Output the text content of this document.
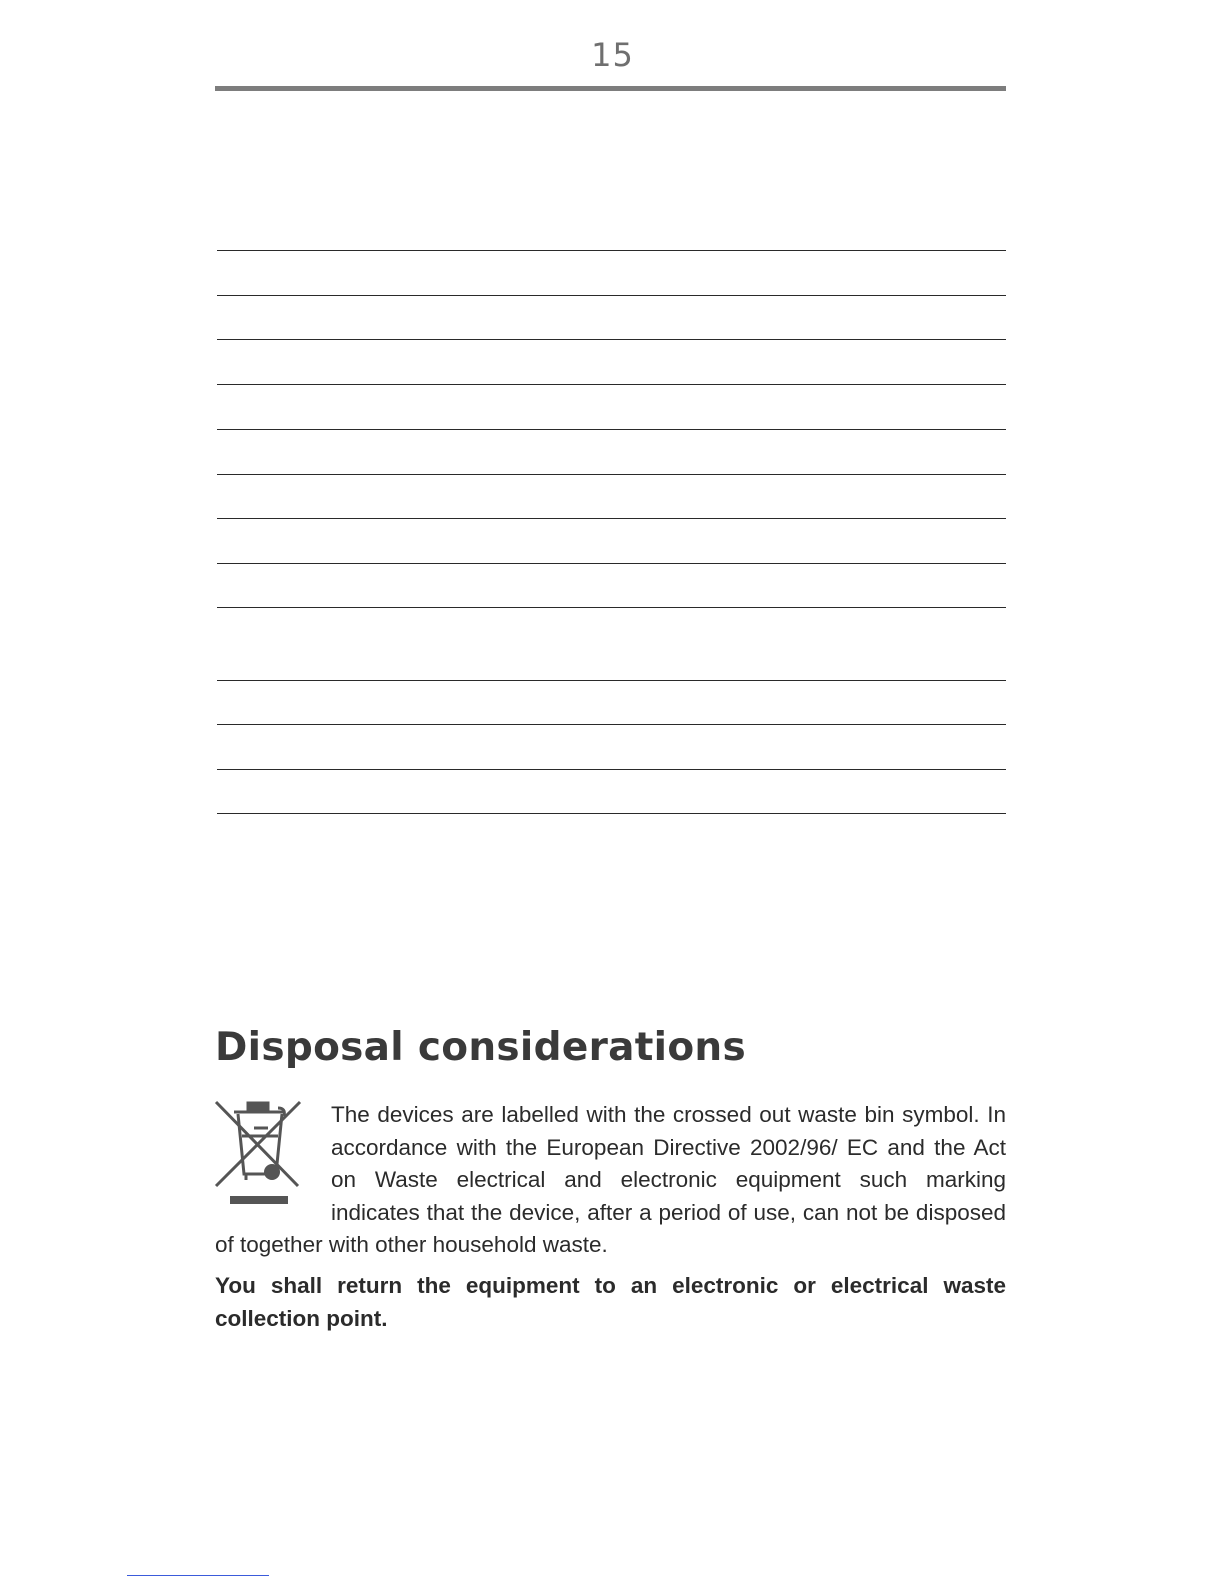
15
Disposal considerations

The devices are labelled with the crossed out waste bin symbol. In accordance with the European Directive 2002/96/ EC and the Act on Waste electrical and electronic equipment such marking indicates that the device, after a period of use, can not be disposed of together with other household waste.

You shall return the equipment to an electronic or electrical waste collection point.
